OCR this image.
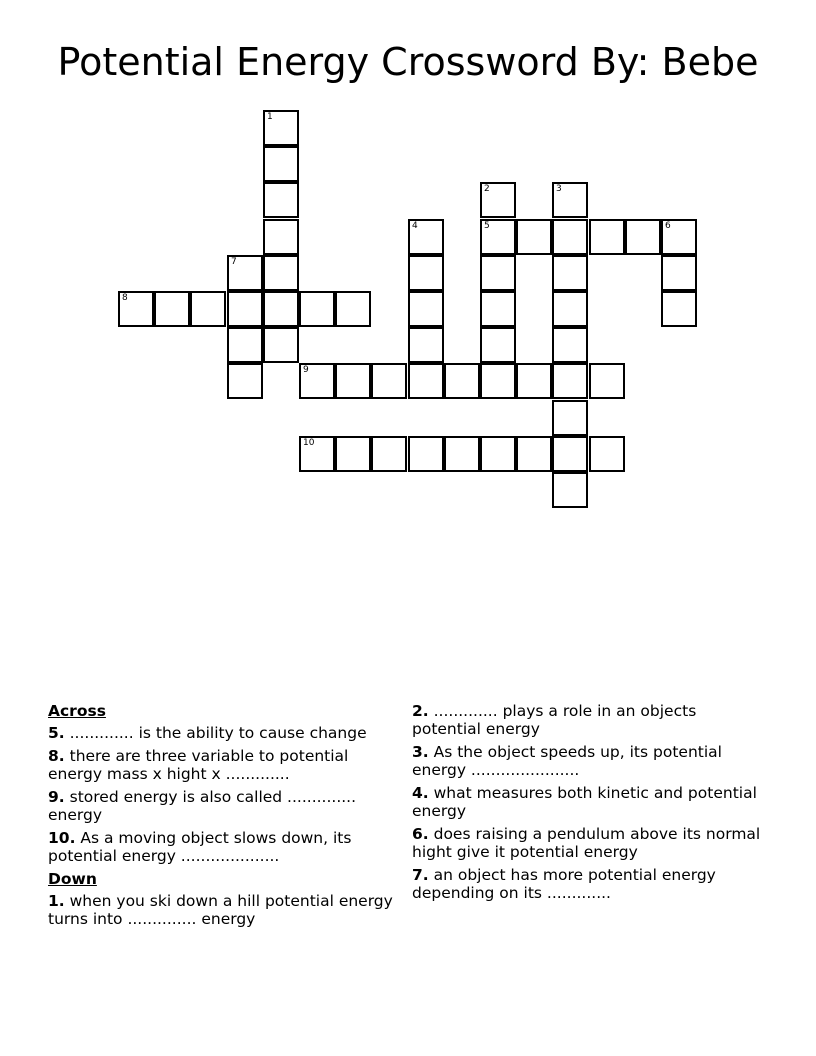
Potential Energy Crossword By: Bebe
1
2	3
4	5	6
7
8
9
10

Across

5. ............. is the ability to cause change

8. there are three variable to potential energy mass x hight x .............

9. stored energy is also called .............. energy

10. As a moving object slows down, its potential energy ....................

Down

1. when you ski down a hill potential energy turns into .............. energy

2. ............. plays a role in an objects potential energy

3. As the object speeds up, its potential energy ......................

4. what measures both kinetic and potential energy

6. does raising a pendulum above its normal hight give it potential energy

7. an object has more potential energy depending on its .............
